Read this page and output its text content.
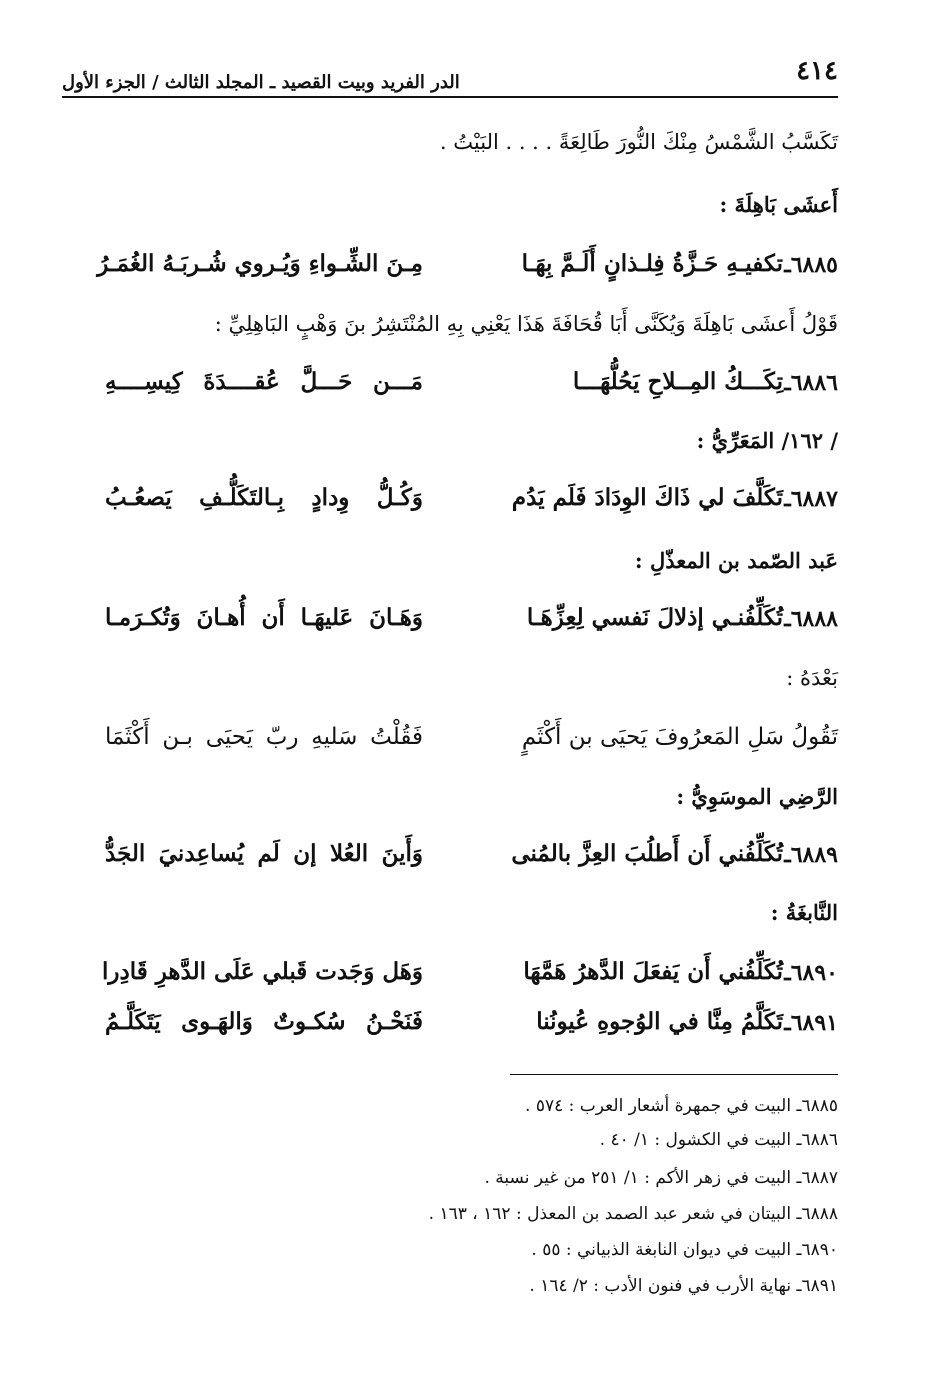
٤١٤
الدر الفريد وبيت القصيد ـ المجلد الثالث / الجزء الأول
تَكَسَّبُ الشَّمْسُ مِنْكَ النُّورَ طَالِعَةً . . . . البَيْتُ .
أَعشَى بَاهِلَةَ :
٦٨٨٥ـ
تكفيـهِ حَـزَّةُ فِلـذانٍ أَلَـمَّ بِهَـا
مِـنَ الشِّـواءِ وَيُـروي شُـربَـهُ الغُمَـرُ
قَوْلُ أَعشَى بَاهِلَةَ وَيُكَنَّى أَبَا قُحَافَةَ هَذَا يَعْنِي بِهِ المُنْتَشِرُ بنَ وَهْبٍ البَاهِلِيِّ :
٦٨٨٦ـ
تِكَـــكُ المِــلاحِ يَحُلُّهَـــا
مَـــن حَـــلَّ عُقــــدَةَ كِيسِــــهِ
/ ١٦٢/ المَعَرِّيُّ :
٦٨٨٧ـ
تَكَلَّفَ لي ذَاكَ الوِدَادَ فَلَم يَدُم
وَكُـلُّ وِدادٍ بِـالتَكَلُّـفِ يَصعُـبُ
عَبد الصّمد بن المعذّلِ :
٦٨٨٨ـ
تُكَلِّفُنـي إذلالَ نَفسي لِعِزِّهَـا
وَهَـانَ عَليهَـا أَن أُهـانَ وَتُكـرَمـا
بَعْدَهُ :
تَقُولُ سَلِ المَعرُوفَ يَحيَى بن أَكْثَمٍ
فَقُلْتُ سَليهِ ربّ يَحيَى بـن أَكْثَمَا
الرَّضِي الموسَوِيُّ :
٦٨٨٩ـ
تُكَلِّفُني أَن أَطلُبَ العِزَّ بالمُنى
وَأَينَ العُلا إن لَم يُساعِدنيَ الجَدُّ
النَّابغَةُ :
٦٨٩٠ـ
تُكَلِّفُني أَن يَفعَلَ الدَّهرُ هَمَّهَا
وَهَل وَجَدت قَبلي عَلَى الدَّهرِ قَادِرا
٦٨٩١ـ
تَكَلَّمُ مِنَّا في الوُجوهِ عُيونُنا
فَنَحْـنُ سُكـوتٌ وَالهَـوى يَتَكَلَّـمُ
٦٨٨٥ـ البيت في جمهرة أشعار العرب : ٥٧٤ .
٦٨٨٦ـ البيت في الكشول : ١/ ٤٠ .
٦٨٨٧ـ البيت في زهر الأكم : ١/ ٢٥١ من غير نسبة .
٦٨٨٨ـ البيتان في شعر عبد الصمد بن المعذل : ١٦٢ ، ١٦٣ .
٦٨٩٠ـ البيت في ديوان النابغة الذبياني : ٥٥ .
٦٨٩١ـ نهاية الأرب في فنون الأدب : ٢/ ١٦٤ .
